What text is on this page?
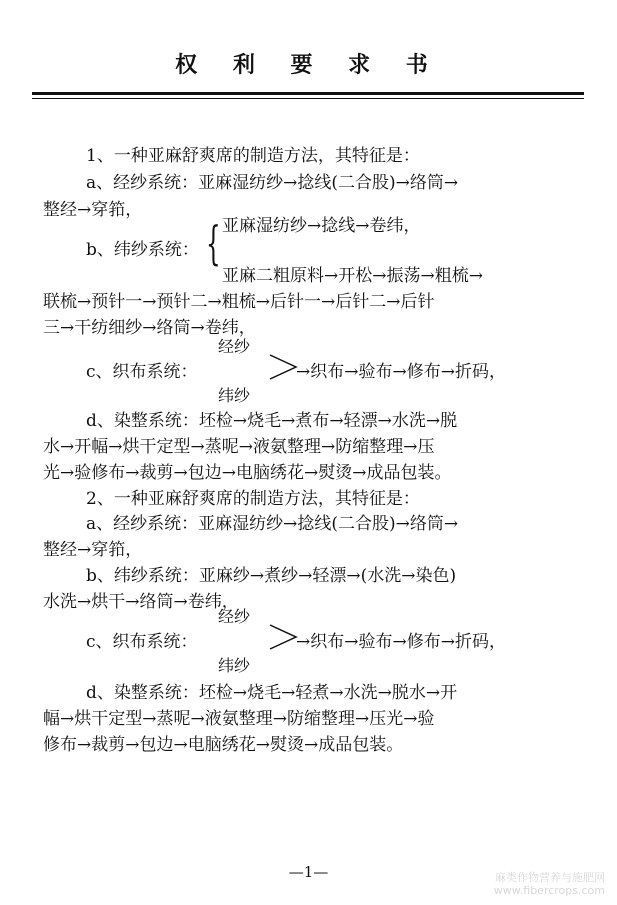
权 利 要 求 书
1、一种亚麻舒爽席的制造方法，其特征是：
a、经纱系统：亚麻湿纺纱→捻线(二合股)→络筒→
整经→穿筘，
b、纬纱系统： { 亚麻湿纺纱→捻线→卷纬，
亚麻二粗原料→开松→振荡→粗梳→
联梳→预针一→预针二→粗梳→后针一→后针二→后针
三→干纺细纱→络筒→卷纬，
经纱
c、织布系统：	→织布→验布→修布→折码，
纬纱
d、染整系统：坯检→烧毛→煮布→轻漂→水洗→脱
水→开幅→烘干定型→蒸呢→液氨整理→防缩整理→压
光→验修布→裁剪→包边→电脑绣花→熨烫→成品包装。
2、一种亚麻舒爽席的制造方法，其特征是：
a、经纱系统：亚麻湿纺纱→捻线(二合股)→络筒→
整经→穿筘，
b、纬纱系统：亚麻纱→煮纱→轻漂→(水洗→染色)
水洗→烘干→络筒→卷纬，
经纱
c、织布系统：	→织布→验布→修布→折码，
纬纱
d、染整系统：坯检→烧毛→轻煮→水洗→脱水→开
幅→烘干定型→蒸呢→液氨整理→防缩整理→压光→验
修布→裁剪→包边→电脑绣花→熨烫→成品包装。
—1—	麻类作物营养与施肥网
www.fibercrops.com
